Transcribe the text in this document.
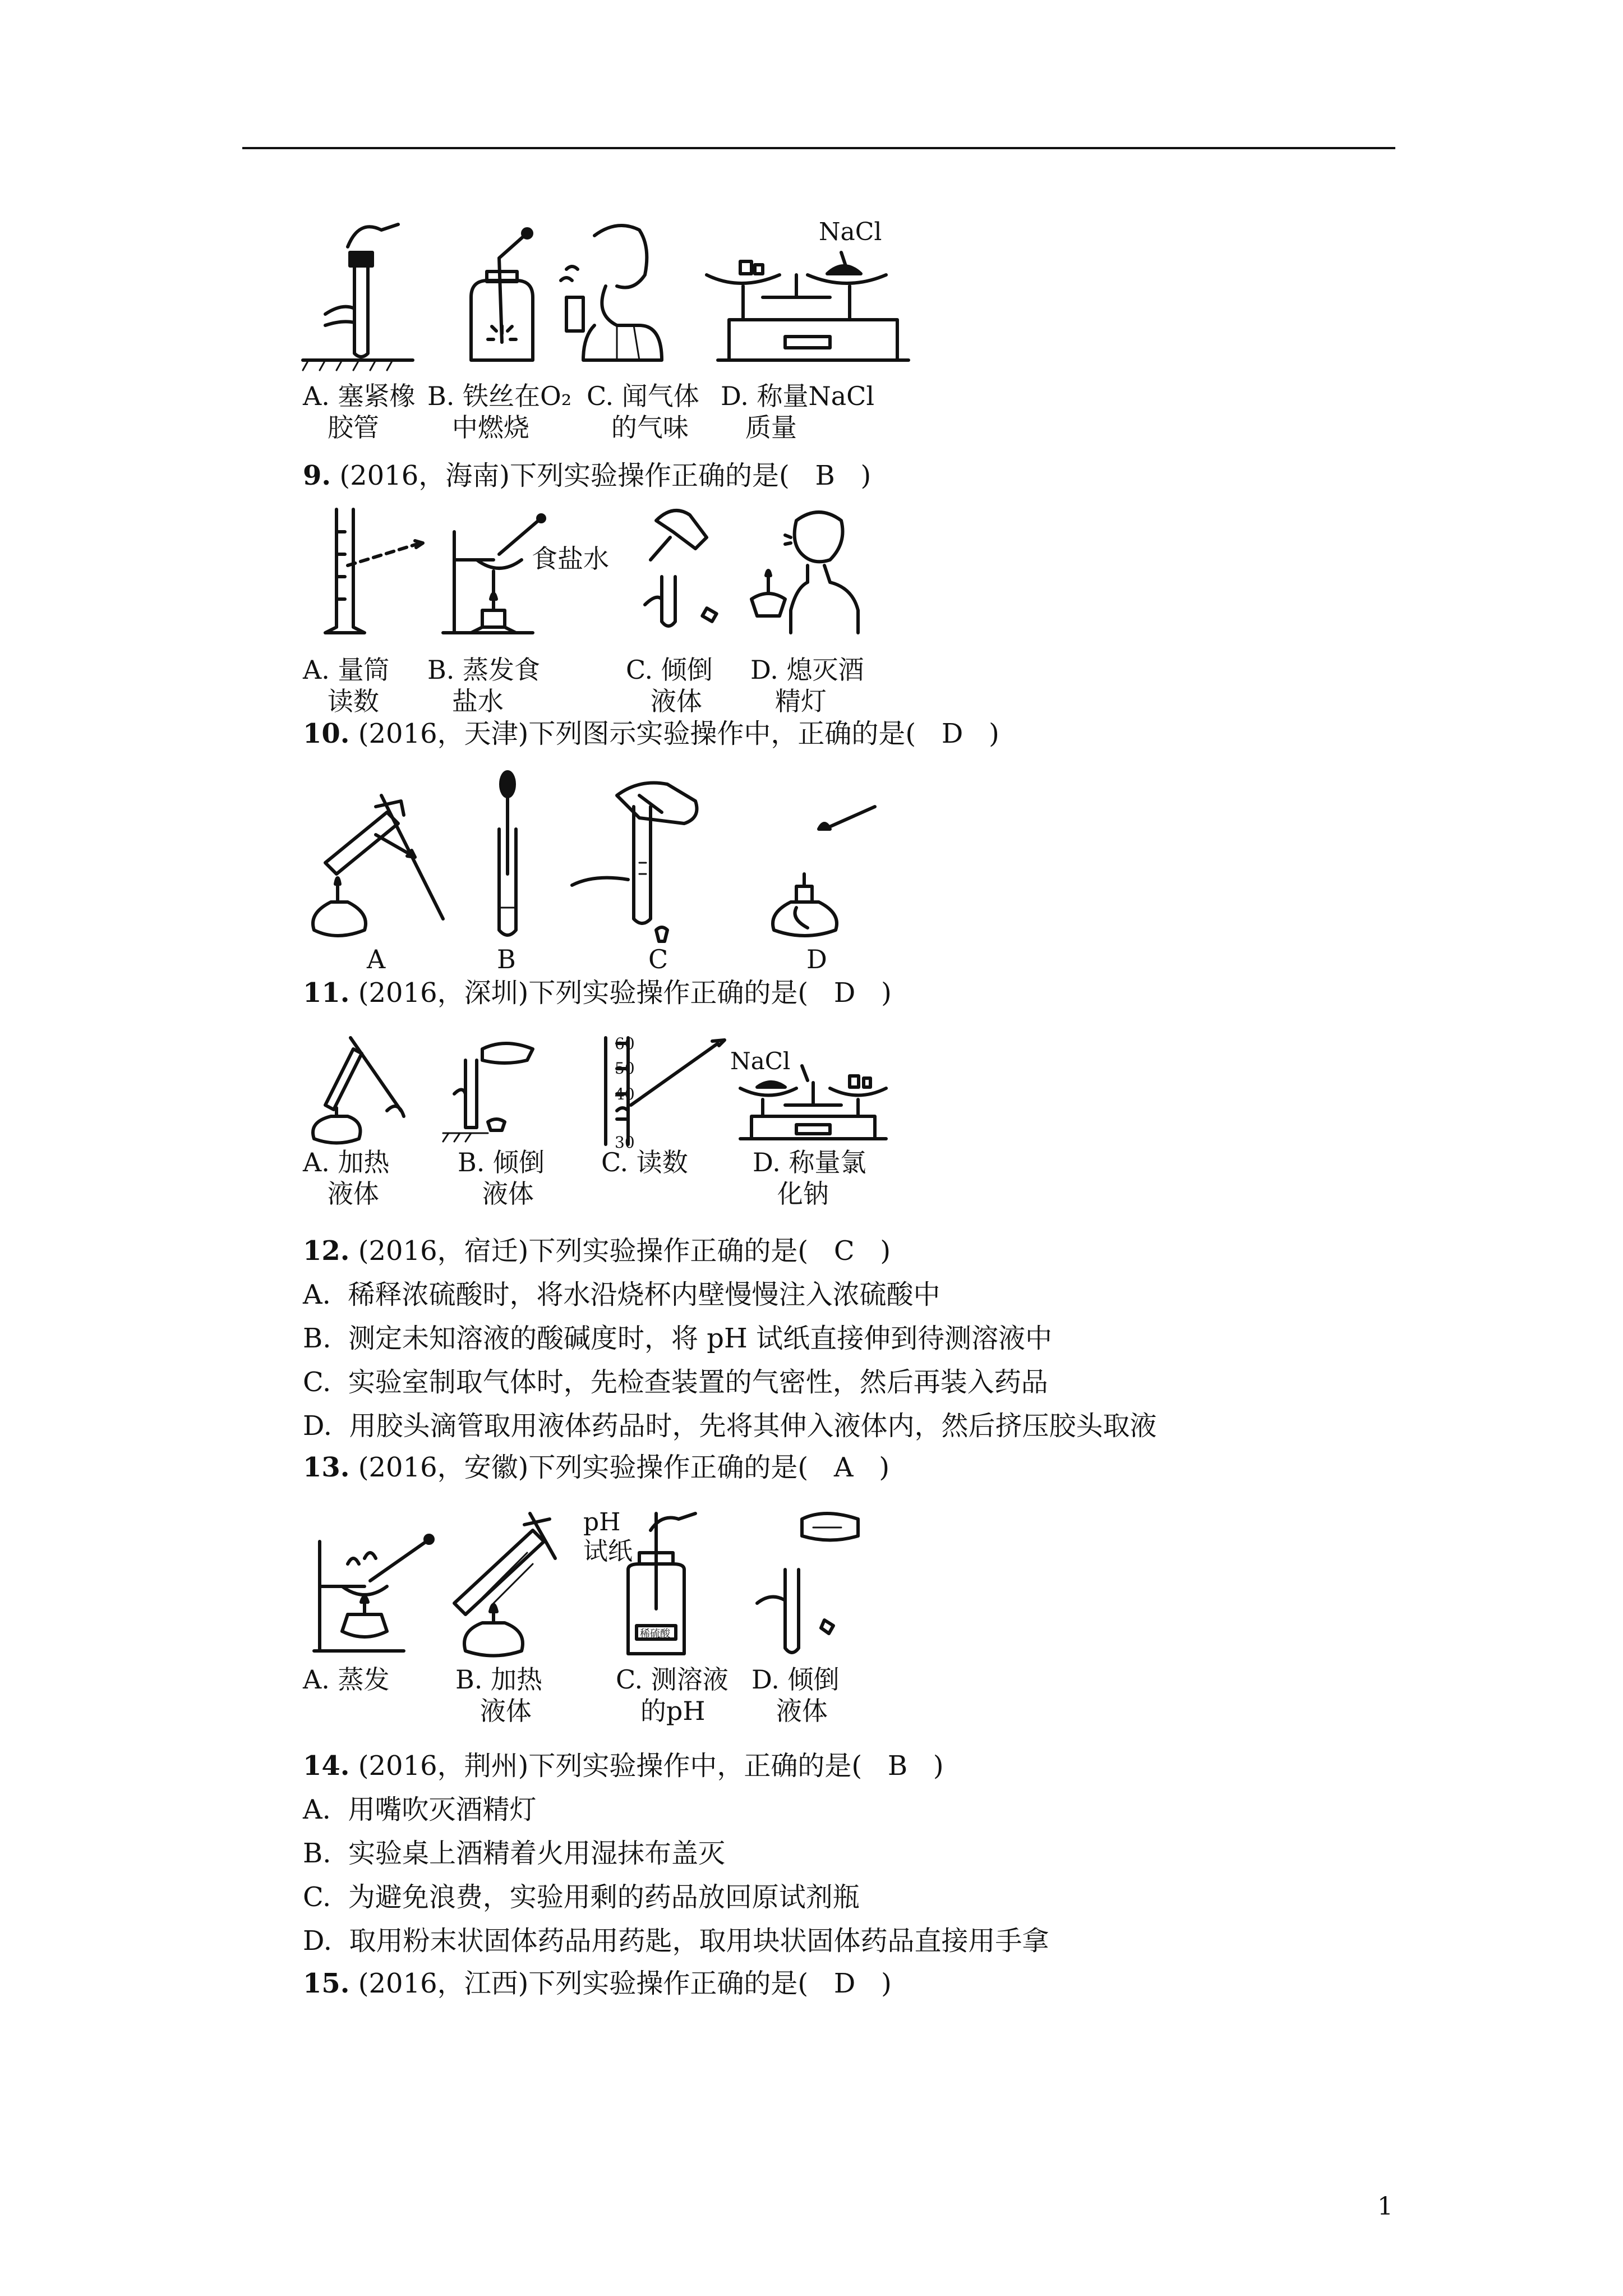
NaCl
A. 塞紧橡
胶管
B. 铁丝在O₂
中燃烧
C. 闻气体
的气味
D. 称量NaCl
质量
9. (2016，海南)下列实验操作正确的是(   B   )
食盐水
A. 量筒
读数
B. 蒸发食
盐水
C. 倾倒
液体
D. 熄灭酒
精灯
10. (2016，天津)下列图示实验操作中，正确的是(   D   )
A	B	C	D
11. (2016，深圳)下列实验操作正确的是(   D   )
60
50
40
30
NaCl
A. 加热
液体
B. 倾倒
液体
C. 读数	D. 称量氯
化钠
12. (2016，宿迁)下列实验操作正确的是(   C   )
A.  稀释浓硫酸时，将水沿烧杯内壁慢慢注入浓硫酸中
B.  测定未知溶液的酸碱度时，将 pH 试纸直接伸到待测溶液中
C.  实验室制取气体时，先检查装置的气密性，然后再装入药品
D.  用胶头滴管取用液体药品时，先将其伸入液体内，然后挤压胶头取液
13. (2016，安徽)下列实验操作正确的是(   A   )
pH
试纸
稀硫酸
A. 蒸发	B. 加热
液体
C. 测溶液
的pH
D. 倾倒
液体
14. (2016，荆州)下列实验操作中，正确的是(   B   )
A.  用嘴吹灭酒精灯
B.  实验桌上酒精着火用湿抹布盖灭
C.  为避免浪费，实验用剩的药品放回原试剂瓶
D.  取用粉末状固体药品用药匙，取用块状固体药品直接用手拿
15. (2016，江西)下列实验操作正确的是(   D   )
1
